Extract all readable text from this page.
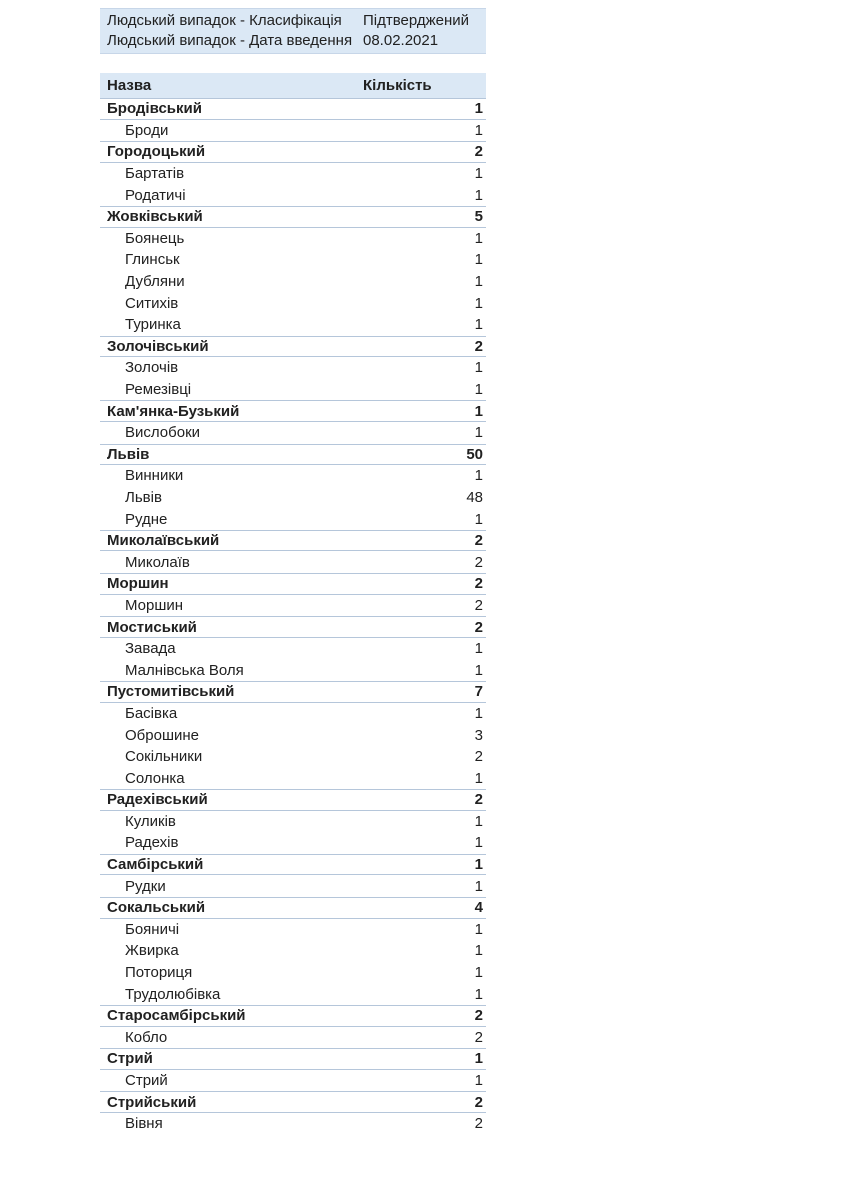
Людський випадок - Класифікація	Підтверджений
Людський випадок - Дата введення 08.02.2021
Назва	Кількість
Бродівський	1
Броди	1
Городоцький	2
Бартатів	1
Родатичі	1
Жовківський	5
Боянець	1
Глинськ	1
Дубляни	1
Ситихів	1
Туринка	1
Золочівський	2
Золочів	1
Ремезівці	1
Кам'янка-Бузький	1
Вислобоки	1
Львів	50
Винники	1
Львів	48
Рудне	1
Миколаївський	2
Миколаїв	2
Моршин	2
Моршин	2
Мостиський	2
Завада	1
Малнівська Воля	1
Пустомитівський	7
Басівка	1
Оброшине	3
Сокільники	2
Солонка	1
Радехівський	2
Куликів	1
Радехів	1
Самбірський	1
Рудки	1
Сокальський	4
Бояничі	1
Жвирка	1
Поториця	1
Трудолюбівка	1
Старосамбірський	2
Кобло	2
Стрий	1
Стрий	1
Стрийський	2
Вівня	2
